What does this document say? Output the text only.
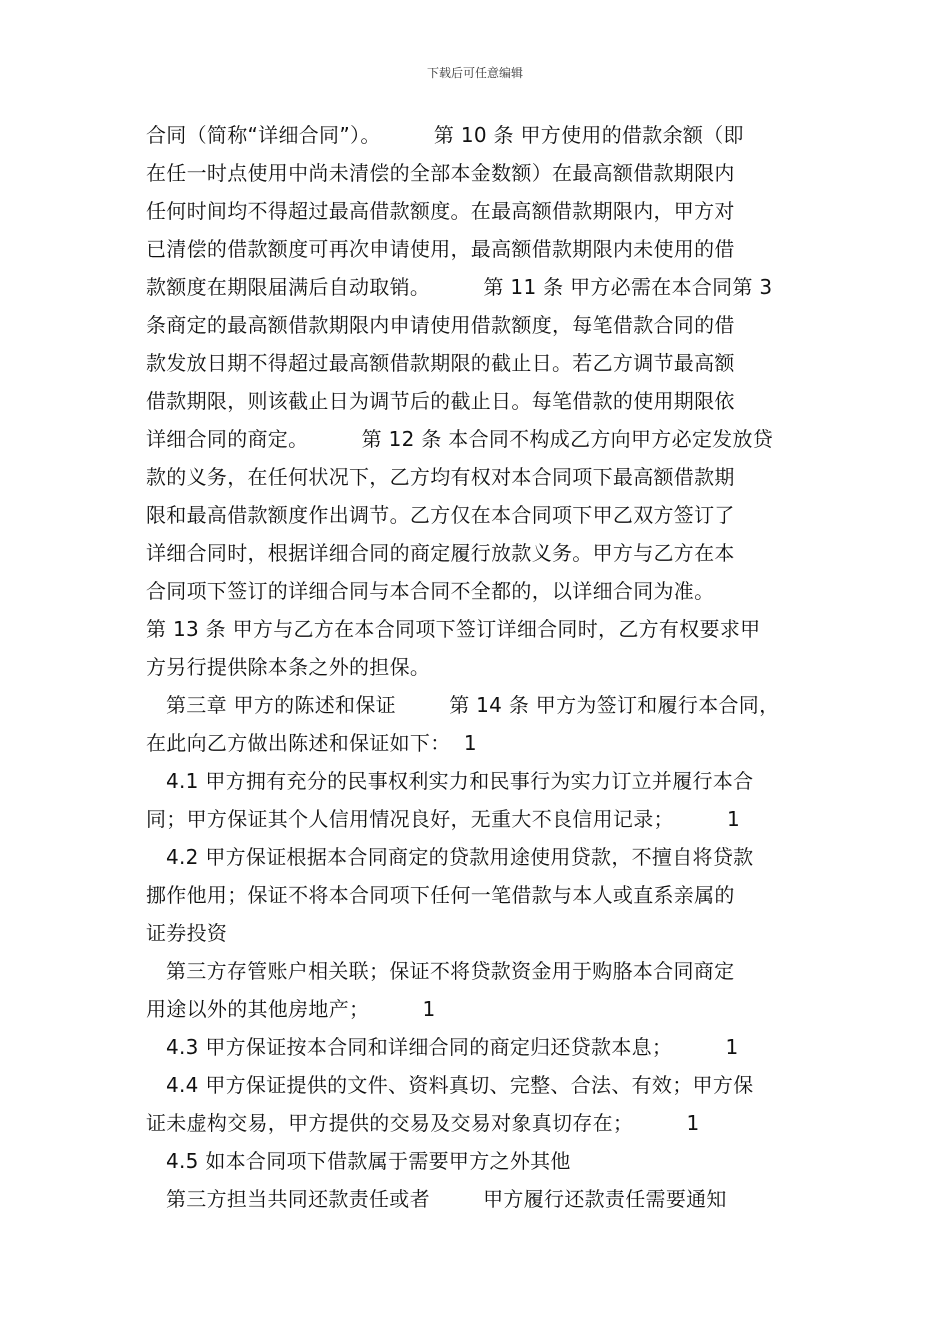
下载后可任意编辑
合同（简称“详细合同”）。        第 10 条 甲方使用的借款余额（即
在任一时点使用中尚未清偿的全部本金数额）在最高额借款期限内
任何时间均不得超过最高借款额度。在最高额借款期限内，甲方对
已清偿的借款额度可再次申请使用，最高额借款期限内未使用的借
款额度在期限届满后自动取销。        第 11 条 甲方必需在本合同第 3
条商定的最高额借款期限内申请使用借款额度，每笔借款合同的借
款发放日期不得超过最高额借款期限的截止日。若乙方调节最高额
借款期限，则该截止日为调节后的截止日。每笔借款的使用期限依
详细合同的商定。        第 12 条 本合同不构成乙方向甲方必定发放贷
款的义务，在任何状况下，乙方均有权对本合同项下最高额借款期
限和最高借款额度作出调节。乙方仅在本合同项下甲乙双方签订了
详细合同时，根据详细合同的商定履行放款义务。甲方与乙方在本
合同项下签订的详细合同与本合同不全都的，以详细合同为准。
第 13 条 甲方与乙方在本合同项下签订详细合同时，乙方有权要求甲
方另行提供除本条之外的担保。
第三章 甲方的陈述和保证        第 14 条 甲方为签订和履行本合同，
在此向乙方做出陈述和保证如下：  1
4.1 甲方拥有充分的民事权利实力和民事行为实力订立并履行本合
同；甲方保证其个人信用情况良好，无重大不良信用记录；        1
4.2 甲方保证根据本合同商定的贷款用途使用贷款，不擅自将贷款
挪作他用；保证不将本合同项下任何一笔借款与本人或直系亲属的
证券投资
第三方存管账户相关联；保证不将贷款资金用于购胳本合同商定
用途以外的其他房地产；        1
4.3 甲方保证按本合同和详细合同的商定归还贷款本息；        1
4.4 甲方保证提供的文件、资料真切、完整、合法、有效；甲方保
证未虚构交易，甲方提供的交易及交易对象真切存在；        1
4.5 如本合同项下借款属于需要甲方之外其他
第三方担当共同还款责任或者        甲方履行还款责任需要通知
